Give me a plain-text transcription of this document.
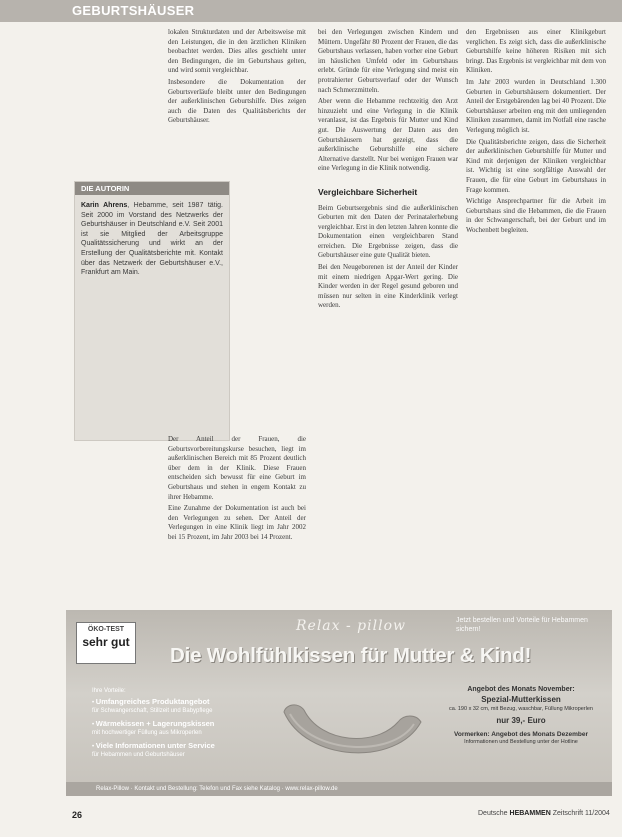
GEBURTSHÄUSER

lokalen Strukturdaten und der Arbeitsweise mit den Leistungen, die in den ärztlichen Kliniken beobachtet werden. Dies alles geschieht unter den Bedingungen, die im Geburtshaus gelten, und wird somit vergleichbar.

Insbesondere die Dokumentation der Geburtsverläufe bleibt unter den Bedingungen der außerklinischen Geburtshilfe. Dies zeigen auch die Daten des Qualitätsberichts der Geburtshäuser.

DIE AUTORIN
Karin Ahrens, Hebamme, seit 1987 tätig. Seit 2000 im Vorstand des Netzwerks der Geburtshäuser in Deutschland e.V. Seit 2001 ist sie Mitglied der Arbeitsgruppe Qualitätssicherung und wirkt an der Erstellung der Qualitätsberichte mit. Kontakt über das Netzwerk der Geburtshäuser e.V., Frankfurt am Main.

Der Anteil der Frauen, die Geburtsvorbereitungskurse besuchen, liegt im außerklinischen Bereich mit 85 Prozent deutlich über dem in der Klinik. Diese Frauen entscheiden sich bewusst für eine Geburt im Geburtshaus und stehen in engem Kontakt zu ihrer Hebamme.

Eine Zunahme der Dokumentation ist auch bei den Verlegungen zu sehen. Der Anteil der Verlegungen in eine Klinik liegt im Jahr 2002 bei 15 Prozent, im Jahr 2003 bei 14 Prozent.

bei den Verlegungen zwischen Kindern und Müttern. Ungefähr 80 Prozent der Frauen, die das Geburtshaus verlassen, haben vorher eine Geburt im häuslichen Umfeld oder im Geburtshaus erlebt. Gründe für eine Verlegung sind meist ein protrahierter Geburtsverlauf oder der Wunsch nach Schmerzmitteln.

Aber wenn die Hebamme rechtzeitig den Arzt hinzuzieht und eine Verlegung in die Klinik veranlasst, ist das Ergebnis für Mutter und Kind gut. Die Auswertung der Daten aus den Geburtshäusern hat gezeigt, dass die außerklinische Geburtshilfe eine sichere Alternative darstellt. Nur bei wenigen Frauen war eine Verlegung in die Klinik notwendig.

Vergleichbare Sicherheit

Beim Geburtsergebnis sind die außerklinischen Geburten mit den Daten der Perinatalerhebung vergleichbar. Erst in den letzten Jahren konnte die Dokumentation einen vergleichbaren Stand erreichen. Die Ergebnisse zeigen, dass die Geburtshäuser eine gute Qualität bieten.

Bei den Neugeborenen ist der Anteil der Kinder mit einem niedrigen Apgar-Wert gering. Die Kinder werden in der Regel gesund geboren und müssen nur selten in eine Kinderklinik verlegt werden.

den Ergebnissen aus einer Klinikgeburt verglichen. Es zeigt sich, dass die außerklinische Geburtshilfe keine höheren Risiken mit sich bringt. Das Ergebnis ist vergleichbar mit dem von Kliniken.

Im Jahr 2003 wurden in Deutschland 1.300 Geburten in Geburtshäusern dokumentiert. Der Anteil der Erstgebärenden lag bei 40 Prozent. Die Geburtshäuser arbeiten eng mit den umliegenden Kliniken zusammen, damit im Notfall eine rasche Verlegung möglich ist.

Die Qualitätsberichte zeigen, dass die Sicherheit der außerklinischen Geburtshilfe für Mutter und Kind mit derjenigen der Kliniken vergleichbar ist. Wichtig ist eine sorgfältige Auswahl der Frauen, die für eine Geburt im Geburtshaus in Frage kommen.

Wichtige Ansprechpartner für die Arbeit im Geburtshaus sind die Hebammen, die die Frauen in der Schwangerschaft, bei der Geburt und im Wochenbett begleiten.

ÖKO-TEST
sehr gut
Relax - pillow	Jetzt bestellen und Vorteile für Hebammen sichern!
Die Wohlfühlkissen für Mutter & Kind!
Ihre Vorteile:
• Umfangreiches Produktangebot
für Schwangerschaft, Stillzeit und Babypflege
• Wärmekissen + Lagerungskissen
mit hochwertiger Füllung aus Mikroperlen
• Viele Informationen unter Service
für Hebammen und Geburtshäuser
Angebot des Monats November:
Spezial-Mutterkissen
ca. 190 x 32 cm, mit Bezug, waschbar, Füllung Mikroperlen
nur 39,- Euro
Vormerken: Angebot des Monats Dezember
Informationen und Bestellung unter der Hotline
Relax-Pillow · Kontakt und Bestellung: Telefon und Fax siehe Katalog · www.relax-pillow.de
26	Deutsche HEBAMMEN Zeitschrift 11/2004
